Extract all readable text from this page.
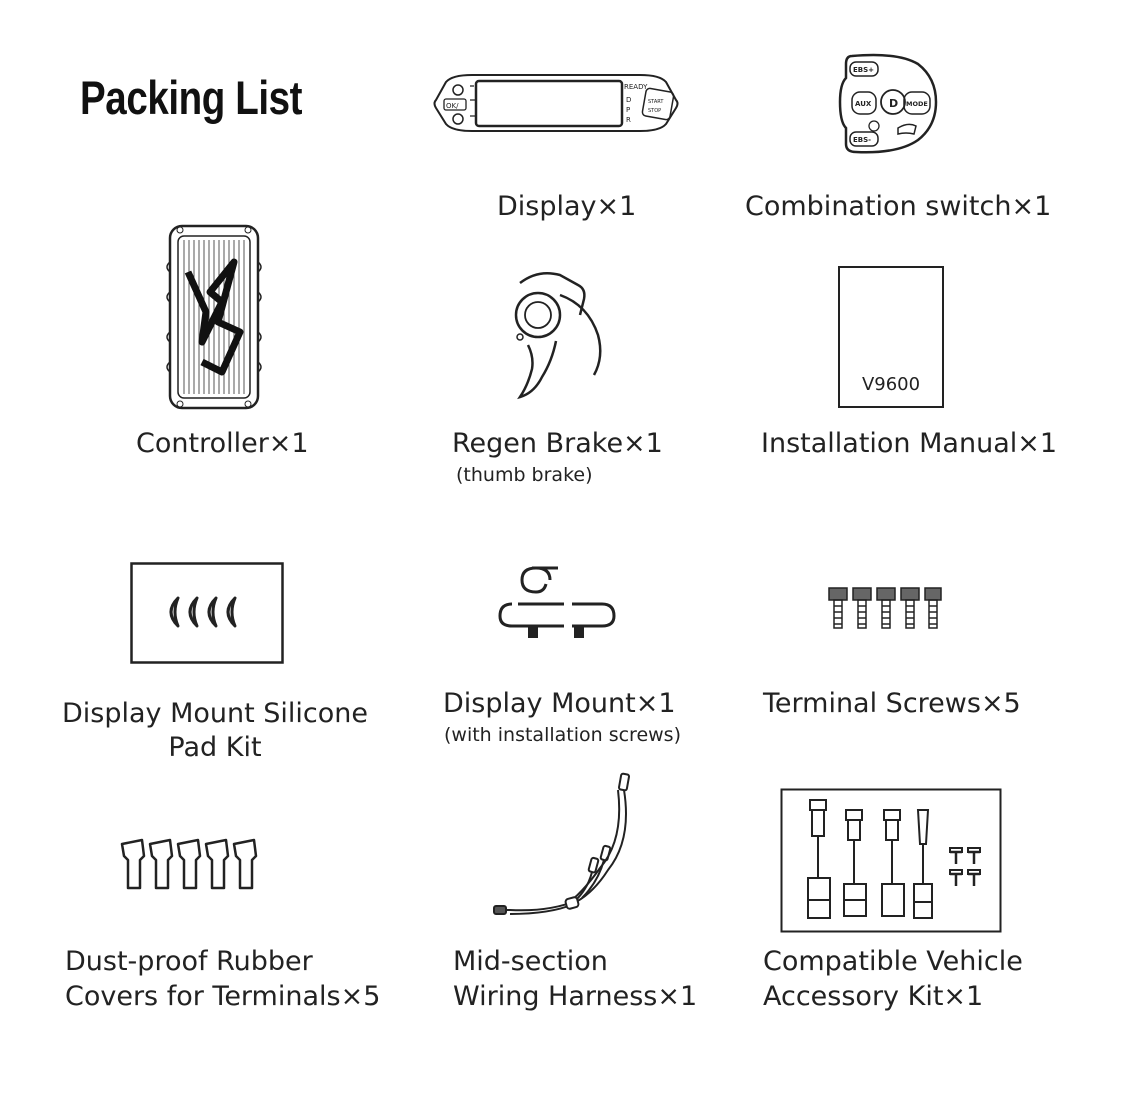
Packing List	OK/
READY
D
P
R
START
STOP
Display×1
EBS+
AUX D MODE
EBS-
Combination switch×1
Controller×1	Regen Brake×1
(thumb brake)
V9600
Installation Manual×1
Display Mount Silicone
Pad Kit
Display Mount×1
(with installation screws)
Terminal Screws×5
Dust-proof Rubber
Covers for Terminals×5
Mid-section
Wiring Harness×1
Compatible Vehicle
Accessory Kit×1
